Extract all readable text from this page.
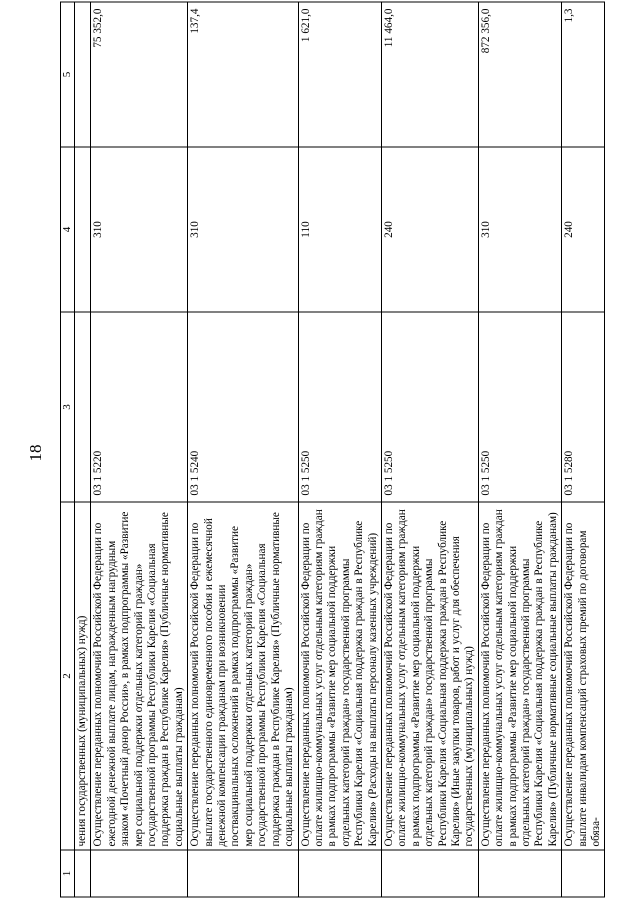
18
1	2	3	4	5
	чения государственных (муниципальных) нужд)			
	Осуществление переданных полномочий Российской Федерации по ежегодной денежной выплате лицам, награжденным нагрудным знаком «Почетный донор России», в рамках подпрограммы «Развитие мер социальной поддержки отдельных категорий граждан» государственной программы Республики Карелия «Социальная поддержка граждан в Республике Карелия» (Публичные нормативные социальные выплаты гражданам)	03 1 5220	310	75 352,0
	Осуществление переданных полномочий Российской Федерации по выплате государственного единовременного пособия и ежемесячной денежной компенсации гражданам при возникновении поствакцинальных осложнений в рамках подпрограммы «Развитие мер социальной поддержки отдельных категорий граждан» государственной программы Республики Карелия «Социальная поддержка граждан в Республике Карелия» (Публичные нормативные социальные выплаты гражданам)	03 1 5240	310	137,4
	Осуществление переданных полномочий Российской Федерации по оплате жилищно-коммунальных услуг отдельным категориям граждан в рамках подпрограммы «Развитие мер социальной поддержки отдельных категорий граждан» государственной программы Республики Карелия «Социальная поддержка граждан в Республике Карелия» (Расходы на выплаты персоналу казенных учреждений)	03 1 5250	110	1 621,0
	Осуществление переданных полномочий Российской Федерации по оплате жилищно-коммунальных услуг отдельным категориям граждан в рамках подпрограммы «Развитие мер социальной поддержки отдельных категорий граждан» государственной программы Республики Карелия «Социальная поддержка граждан в Республике Карелия» (Иные закупки товаров, работ и услуг для обеспечения государственных (муниципальных) нужд)	03 1 5250	240	11 464,0
	Осуществление переданных полномочий Российской Федерации по оплате жилищно-коммунальных услуг отдельным категориям граждан в рамках подпрограммы «Развитие мер социальной поддержки отдельных категорий граждан» государственной программы Республики Карелия «Социальная поддержка граждан в Республике Карелия» (Публичные нормативные социальные выплаты гражданам)	03 1 5250	310	872 356,0
	Осуществление переданных полномочий Российской Федерации по выплате инвалидам компенсаций страховых премий по договорам обяза-	03 1 5280	240	1,3
